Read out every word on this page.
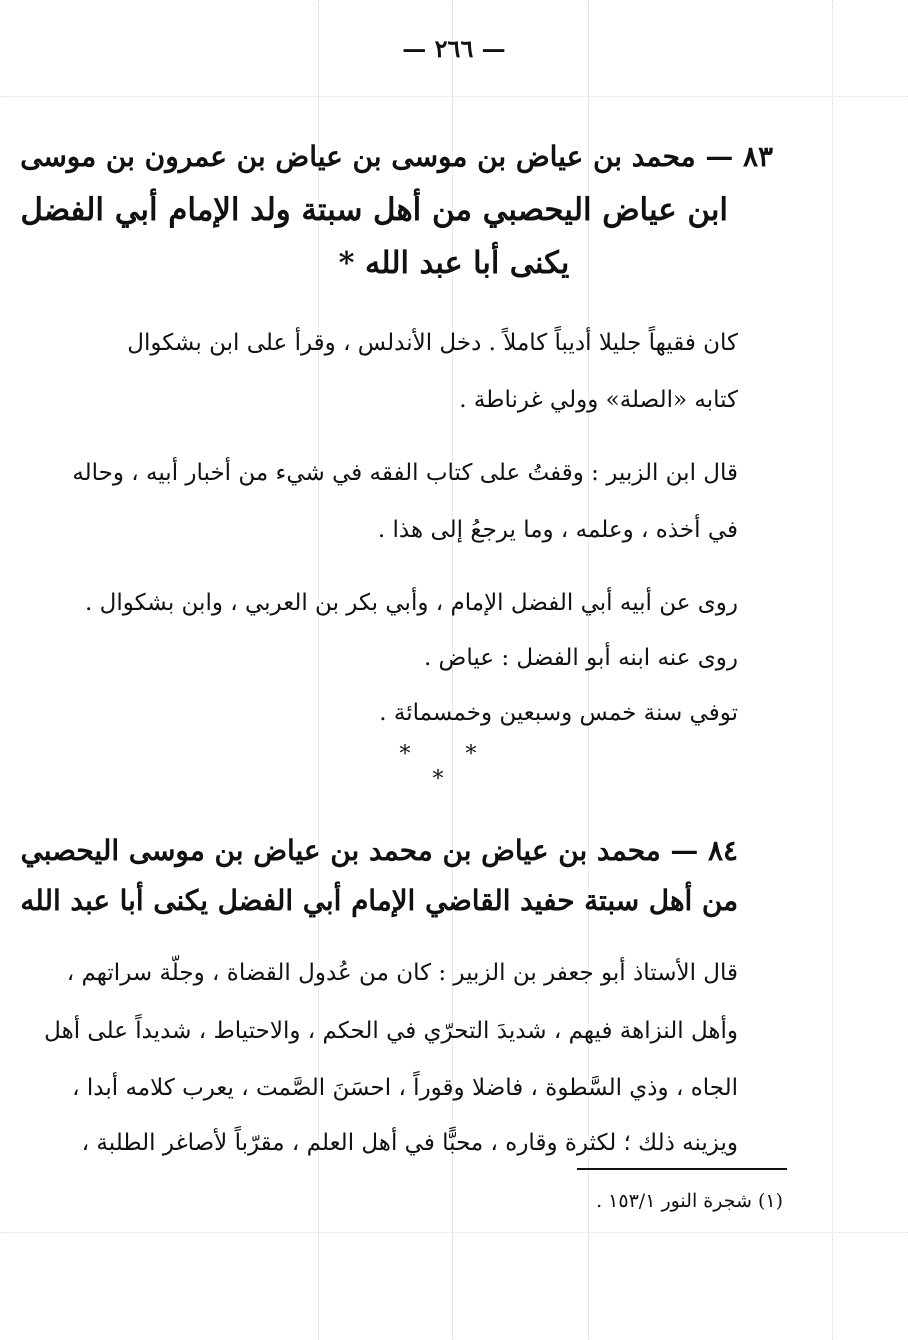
— ٢٦٦ —
٨٣ — محمد بن عياض بن موسى بن عياض بن عمرون بن موسى
ابن عياض اليحصبي من أهل سبتة ولد الإمام أبي الفضل
يكنى أبا عبد الله *
كان فقيهاً جليلا أديباً كاملاً . دخل الأندلس ، وقرأ على ابن بشكوال
كتابه «الصلة» وولي غرناطة .
قال ابن الزبير : وقفتُ على كتاب الفقه في شيء من أخبار أبيه ، وحاله
في أخذه ، وعلمه ، وما يرجعُ إلى هذا .
روى عن أبيه أبي الفضل الإمام ، وأبي بكر بن العربي ، وابن بشكوال .
روى عنه ابنه أبو الفضل : عياض .
توفي سنة خمس وسبعين وخمسمائة .
* * *
٨٤ — محمد بن عياض بن محمد بن عياض بن موسى اليحصبي
من أهل سبتة حفيد القاضي الإمام أبي الفضل يكنى أبا عبد الله
قال الأستاذ أبو جعفر بن الزبير : كان من عُدول القضاة ، وجلّة سراتهم ،
وأهل النزاهة فيهم ، شديدَ التحرّي في الحكم ، والاحتياط ، شديداً على أهل
الجاه ، وذي السَّطوة ، فاضلا وقوراً ، احسَنَ الصَّمت ، يعرب كلامه أبدا ،
ويزينه ذلك ؛ لكثرة وقاره ، محبًّا في أهل العلم ، مقرّباً لأصاغر الطلبة ،
(١) شجرة النور ١٥٣/١ .
